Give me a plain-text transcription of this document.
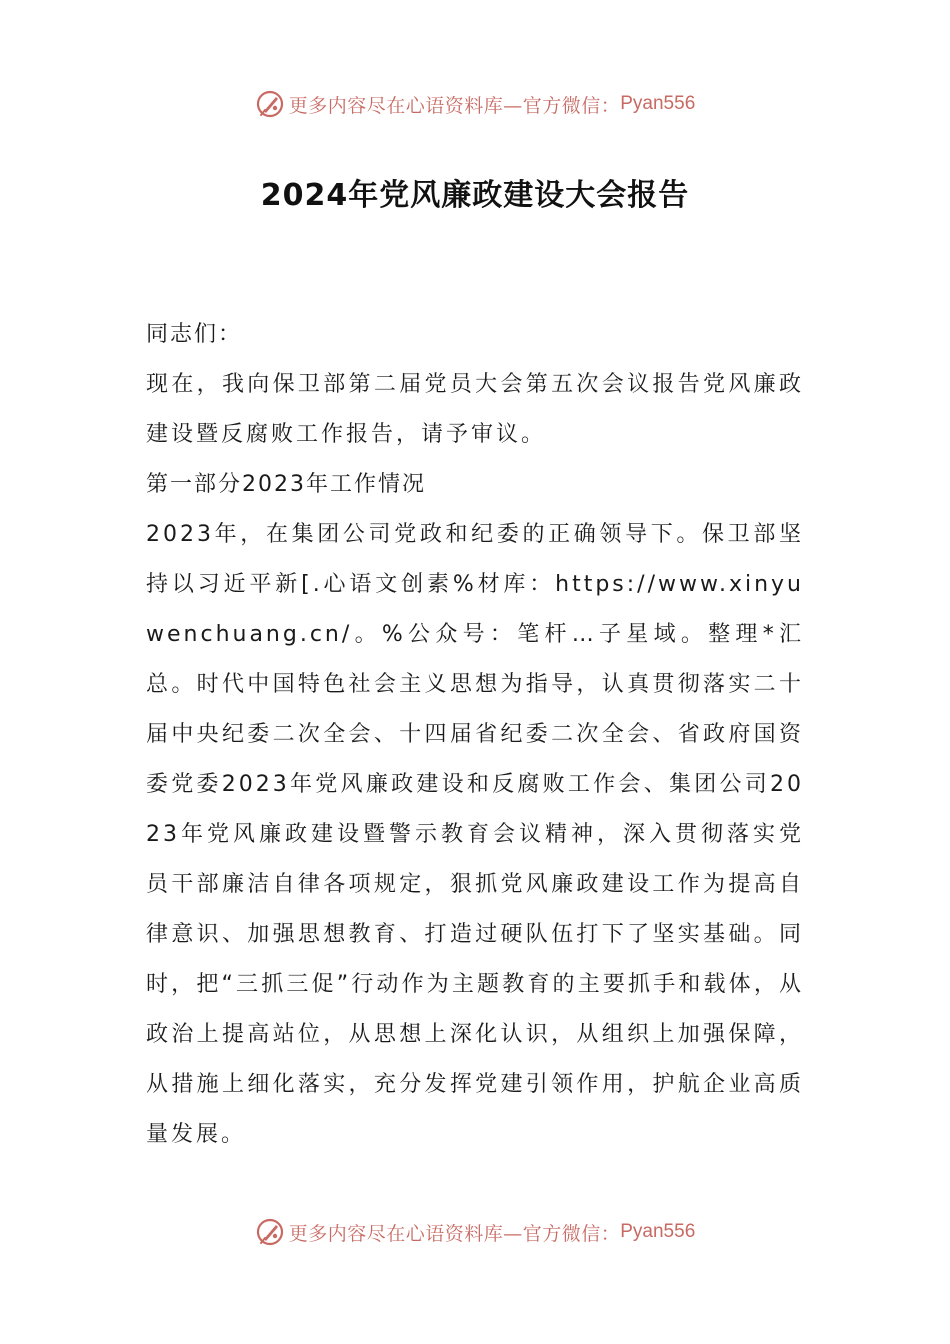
更多内容尽在心语资料库—官方微信： Pyan556
2024年党风廉政建设大会报告

同志们：

现在，我向保卫部第二届党员大会第五次会议报告党风廉政建设暨反腐败工作报告，请予审议。

第一部分2023年工作情况

2023年，在集团公司党政和纪委的正确领导下。保卫部坚持以习近平新[.心语文创素%材库：https://www.xinyuwenchuang.cn/。%公众号：笔杆…子星域。整理*汇总。时代中国特色社会主义思想为指导，认真贯彻落实二十届中央纪委二次全会、十四届省纪委二次全会、省政府国资委党委2023年党风廉政建设和反腐败工作会、集团公司2023年党风廉政建设暨警示教育会议精神，深入贯彻落实党员干部廉洁自律各项规定，狠抓党风廉政建设工作为提高自律意识、加强思想教育、打造过硬队伍打下了坚实基础。同时，把“三抓三促”行动作为主题教育的主要抓手和载体，从政治上提高站位，从思想上深化认识，从组织上加强保障，从措施上细化落实，充分发挥党建引领作用，护航企业高质量发展。

更多内容尽在心语资料库—官方微信： Pyan556
